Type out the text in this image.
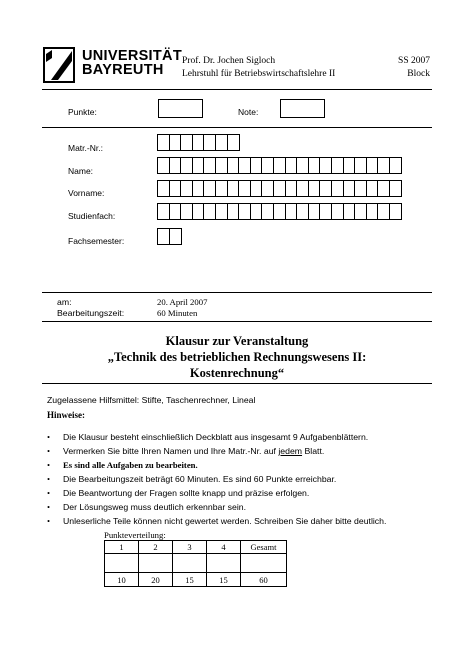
UNIVERSITÄT
BAYREUTH
Prof. Dr. Jochen Sigloch
Lehrstuhl für Betriebswirtschaftslehre II
SS 2007
Block
Punkte:	Note:
Matr.-Nr.:
Name:
Vorname:
Studienfach:
Fachsemester:
am:	20. April 2007
Bearbeitungszeit:	60 Minuten
Klausur zur Veranstaltung
„Technik des betrieblichen Rechnungswesens II:
Kostenrechnung“
Zugelassene Hilfsmittel: Stifte, Taschenrechner, Lineal
Hinweise:
• Die Klausur besteht einschließlich Deckblatt aus insgesamt 9 Aufgabenblättern.
• Vermerken Sie bitte Ihren Namen und Ihre Matr.-Nr. auf jedem Blatt.
• Es sind alle Aufgaben zu bearbeiten.
• Die Bearbeitungszeit beträgt 60 Minuten. Es sind 60 Punkte erreichbar.
• Die Beantwortung der Fragen sollte knapp und präzise erfolgen.
• Der Lösungsweg muss deutlich erkennbar sein.
• Unleserliche Teile können nicht gewertet werden. Schreiben Sie daher bitte deutlich.
Punkteverteilung:
1	2	3	4	Gesamt

10	20	15	15	60
